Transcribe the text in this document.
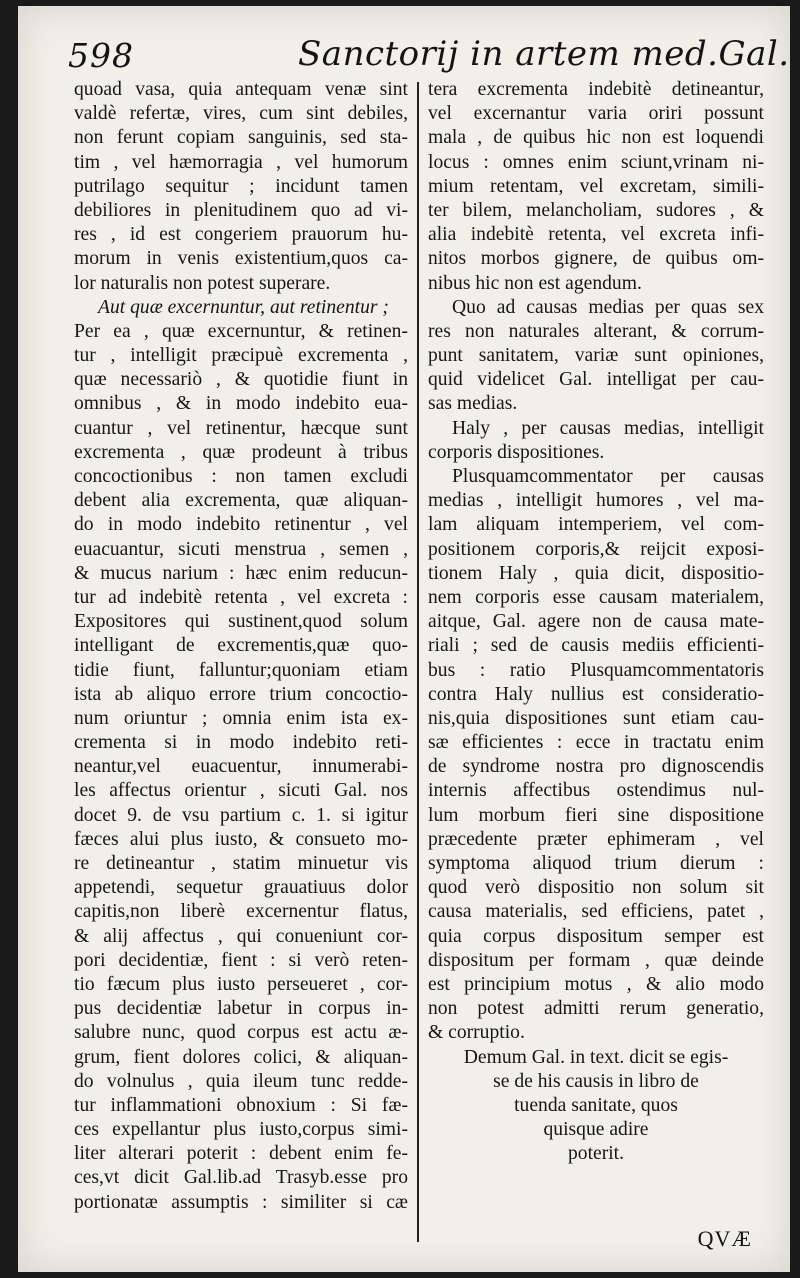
598	Sanctorij in artem med.Gal.
quoad vasa, quia antequam venæ sint
valdè refertæ, vires, cum sint debiles,
non ferunt copiam sanguinis, sed sta-
tim , vel hæmorragia , vel humorum
putrilago sequitur ; incidunt tamen
debiliores in plenitudinem quo ad vi-
res , id est congeriem prauorum hu-
morum in venis existentium,quos ca-
lor naturalis non potest superare.
Aut quæ excernuntur, aut retinentur ;
Per ea , quæ excernuntur, & retinen-
tur , intelligit præcipuè excrementa ,
quæ necessariò , & quotidie fiunt in
omnibus , & in modo indebito eua-
cuantur , vel retinentur, hæcque sunt
excrementa , quæ prodeunt à tribus
concoctionibus : non tamen excludi
debent alia excrementa, quæ aliquan-
do in modo indebito retinentur , vel
euacuantur, sicuti menstrua , semen ,
& mucus narium : hæc enim reducun-
tur ad indebitè retenta , vel excreta :
Expositores qui sustinent,quod solum
intelligant de excrementis,quæ quo-
tidie fiunt, falluntur;quoniam etiam
ista ab aliquo errore trium concoctio-
num oriuntur ; omnia enim ista ex-
crementa si in modo indebito reti-
neantur,vel euacuentur, innumerabi-
les affectus orientur , sicuti Gal. nos
docet 9. de vsu partium c. 1. si igitur
fæces alui plus iusto, & consueto mo-
re detineantur , statim minuetur vis
appetendi, sequetur grauatiuus dolor
capitis,non liberè excernentur flatus,
& alij affectus , qui conueniunt cor-
pori decidentiæ, fient : si verò reten-
tio fæcum plus iusto perseueret , cor-
pus decidentiæ labetur in corpus in-
salubre nunc, quod corpus est actu æ-
grum, fient dolores colici, & aliquan-
do volnulus , quia ileum tunc redde-
tur inflammationi obnoxium : Si fæ-
ces expellantur plus iusto,corpus simi-
liter alterari poterit : debent enim fe-
ces,vt dicit Gal.lib.ad Trasyb.esse pro
portionatæ assumptis : similiter si cæ
tera excrementa indebitè detineantur,
vel excernantur varia oriri possunt
mala , de quibus hic non est loquendi
locus : omnes enim sciunt,vrinam ni-
mium retentam, vel excretam, simili-
ter bilem, melancholiam, sudores , &
alia indebitè retenta, vel excreta infi-
nitos morbos gignere, de quibus om-
nibus hic non est agendum.
Quo ad causas medias per quas sex
res non naturales alterant, & corrum-
punt sanitatem, variæ sunt opiniones,
quid videlicet Gal. intelligat per cau-
sas medias.
Haly , per causas medias, intelligit
corporis dispositiones.
Plusquamcommentator per causas
medias , intelligit humores , vel ma-
lam aliquam intemperiem, vel com-
positionem corporis,& reijcit exposi-
tionem Haly , quia dicit, dispositio-
nem corporis esse causam materialem,
aitque, Gal. agere non de causa mate-
riali ; sed de causis mediis efficienti-
bus : ratio Plusquamcommentatoris
contra Haly nullius est consideratio-
nis,quia dispositiones sunt etiam cau-
sæ efficientes : ecce in tractatu enim
de syndrome nostra pro dignoscendis
internis affectibus ostendimus nul-
lum morbum fieri sine dispositione
præcedente præter ephimeram , vel
symptoma aliquod trium dierum :
quod verò dispositio non solum sit
causa materialis, sed efficiens, patet ,
quia corpus dispositum semper est
dispositum per formam , quæ deinde
est principium motus , & alio modo
non potest admitti rerum generatio,
& corruptio.
Demum Gal. in text. dicit se egis-
se de his causis in libro de
tuenda sanitate, quos
quisque adire
poterit.
QVÆ
